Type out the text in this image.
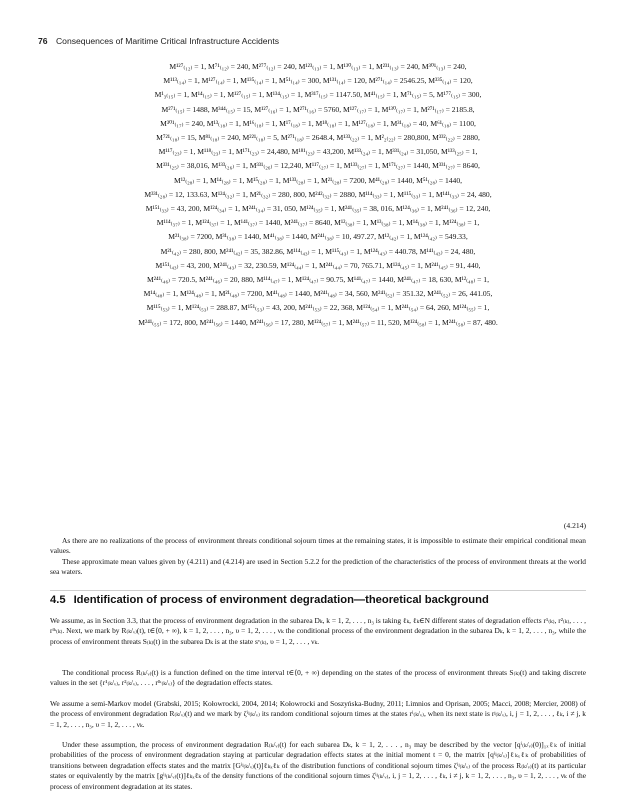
76 Consequences of Maritime Critical Infrastructure Accidents
M¹²⁷₍₁₂₎ = 1, M⁷¹₍₁₂₎ = 240, M²⁷⁷₍₁₂₎ = 240, M¹²³₍₁₃₎ = 1, M¹³⁰₍₁₃₎ = 1, M²³¹₍₁₃₎ = 240, M³⁰¹₍₁₃₎ = 240,
M¹¹³₍₁₄₎ = 1, M¹²⁷₍₁₄₎ = 1, M¹³⁵₍₁₄₎ = 1, M⁵¹₍₁₄₎ = 300, M¹³¹₍₁₄₎ = 120, M²⁷¹₍₁₄₎ = 2546.25, M³³⁵₍₁₄₎ = 120,
M¹₃₍₁₅₎ = 1, M¹⁴₍₁₅₎ = 1, M¹²⁷₍₁₅₎ = 1, M¹³⁴₍₁₅₎ = 1, M³¹⁷₍₁₅₎ = 1147.50, M⁴¹₍₁₅₎ = 1, M⁷¹₍₁₅₎ = 5, M¹⁷⁷₍₁₅₎ = 300,
M²⁷¹₍₁₅₎ = 1488, M³⁴⁴₍₁₅₎ = 15, M¹²⁷₍₁₆₎ = 1, M²⁷¹₍₁₆₎ = 5760, M¹²⁷₍₁₇₎ = 1, M¹³⁰₍₁₇₎ = 1, M²⁷¹₍₁₇₎ = 2185.8,
M³⁰¹₍₁₇₎ = 240, M¹³₍₁₈₎ = 1, M¹⁶₍₁₈₎ = 1, M¹⁷₍₁₈₎ = 1, M¹⁸₍₁₈₎ = 1, M¹²⁷₍₁₈₎ = 1, M³¹₍₁₈₎ = 40, M⁶¹₍₁₈₎ = 1100,
M⁷²¹₍₁₈₎ = 15, M⁸¹₍₁₈₎ = 240, M²²¹₍₁₈₎ = 5, M²⁷¹₍₁₈₎ = 2648.4, M¹³³₍₂₂₎ = 1, M²₂₍₂₂₎ = 280,800, M³³²₍₂₂₎ = 2880,
M¹¹⁷₍₂₃₎ = 1, M¹¹⁸₍₂₃₎ = 1, M¹⁷¹₍₂₃₎ = 24,480, M¹⁸¹₍₂₃₎ = 43,200, M¹³³₍₂₄₎ = 1, M³³¹₍₂₄₎ = 31,050, M¹³³₍₂₅₎ = 1,
M³³¹₍₂₅₎ = 38,016, M¹³³₍₂₆₎ = 1, M³³¹₍₂₆₎ = 12,240, M¹¹⁷₍₂₇₎ = 1, M¹³³₍₂₇₎ = 1, M¹⁷¹₍₂₇₎ = 1440, M³³¹₍₂₇₎ = 8640,
M¹²₍₂₈₎ = 1, M¹⁴₍₂₈₎ = 1, M¹⁵₍₂₈₎ = 1, M¹³³₍₂₈₎ = 1, M²¹₍₂₈₎ = 7200, M⁴¹₍₂₈₎ = 1440, M⁵¹₍₂₈₎ = 1440,
M³³¹₍₂₈₎ = 12, 133.63, M¹²⁴₍₃₂₎ = 1, M²¹₍₃₂₎ = 280, 800, M²⁴²₍₃₂₎ = 2880, M¹¹⁴₍₃₃₎ = 1, M¹¹⁵₍₃₃₎ = 1, M¹⁴¹₍₃₃₎ = 24, 480,
M¹⁵¹₍₃₃₎ = 43, 200, M¹²⁴₍₃₄₎ = 1, M²⁴¹₍₃₄₎ = 31, 050, M¹²⁴₍₃₅₎ = 1, M²⁴¹₍₃₅₎ = 38, 016, M¹²⁴₍₃₆₎ = 1, M²⁴¹₍₃₆₎ = 12, 240,
M¹¹⁴₍₃₇₎ = 1, M¹²⁴₍₃₇₎ = 1, M¹⁴¹₍₃₇₎ = 1440, M²⁴¹₍₃₇₎ = 8640, M¹²₍₃₈₎ = 1, M¹³₍₃₈₎ = 1, M¹⁴₍₃₈₎ = 1, M¹²⁴₍₃₈₎ = 1,
M²¹₍₃₈₎ = 7200, M³¹₍₃₈₎ = 1440, M⁴¹₍₃₈₎ = 1440, M²⁴¹₍₃₈₎ = 10, 497.27, M¹²₍₄₂₎ = 1, M¹²⁴₍₄₂₎ = 549.33,
M²¹₍₄₂₎ = 280, 800, M²⁴¹₍₄₂₎ = 35, 382.86, M¹¹⁴₍₄₃₎ = 1, M¹¹⁵₍₄₃₎ = 1, M¹²⁴₍₄₃₎ = 440.78, M¹⁴¹₍₄₃₎ = 24, 480,
M¹⁵¹₍₄₃₎ = 43, 200, M²⁴¹₍₄₃₎ = 32, 230.59, M¹²⁴₍₄₄₎ = 1, M²⁴¹₍₄₄₎ = 70, 765.71, M¹²⁴₍₄₅₎ = 1, M²⁴¹₍₄₅₎ = 91, 440,
M²⁴¹₍₄₆₎ = 720.5, M²⁴¹₍₄₆₎ = 20, 880, M¹¹⁴₍₄₇₎ = 1, M¹²⁴₍₄₇₎ = 90.75, M¹⁴¹₍₄₇₎ = 1440, M²⁴¹₍₄₇₎ = 18, 630, M¹²₍₄₈₎ = 1,
M¹⁴₍₄₈₎ = 1, M¹²⁴₍₄₈₎ = 1, M²¹₍₄₈₎ = 7200, M⁴¹₍₄₈₎ = 1440, M²⁴¹₍₄₈₎ = 34, 560, M²⁴¹₍₅₂₎ = 351.32, M²⁴¹₍₅₂₎ = 26, 441.05,
M¹¹⁵₍₅₃₎ = 1, M¹²⁴₍₅₃₎ = 288.87, M¹⁵¹₍₅₃₎ = 43, 200, M²⁴¹₍₅₃₎ = 22, 368, M¹²⁴₍₅₄₎ = 1, M²⁴¹₍₅₄₎ = 64, 260, M¹²⁴₍₅₅₎ = 1,
M²⁴¹₍₅₅₎ = 172, 800, M²⁴¹₍₅₆₎ = 1440, M²⁴¹₍₅₆₎ = 17, 280, M¹²⁴₍₅₇₎ = 1, M²⁴¹₍₅₇₎ = 11, 520, M¹²⁴₍₅₈₎ = 1, M²⁴¹₍₅₈₎ = 87, 480.
(4.214)

As there are no realizations of the process of environment threats conditional sojourn times at the remaining states, it is impossible to estimate their empirical conditional mean values.

These approximate mean values given by (4.211) and (4.214) are used in Section 5.2.2 for the prediction of the characteristics of the process of environment threats at the world sea waters.

4.5 Identification of process of environment degradation—theoretical background

We assume, as in Section 3.3, that the process of environment degradation in the subarea Dₖ, k = 1, 2, . . . , n₃ is taking ℓₖ, ℓₖ∈N different states of degradation effects r¹₍ₖ₎, r²₍ₖ₎, . . . , rˡᵏ₍ₖ₎. Next, we mark by R₍ₖ/ᵥ₎(t), t∈⟨0, + ∞), k = 1, 2, . . . , n₃, υ = 1, 2, . . . , νₖ the conditional process of the environment degradation in the subarea Dₖ, k = 1, 2, . . . , n₃, while the process of environment threats S₍ₖ₎(t) in the subarea Dₖ is at the state sᵛ₍ₖ₎, υ = 1, 2, . . . , νₖ.

The conditional process R₍ₖ/ᵥ₎(t) is a function defined on the time interval t∈⟨0, + ∞) depending on the states of the process of environment threats S₍ₖ₎(t) and taking discrete values in the set {r¹₍ₖ/ᵥ₎, r²₍ₖ/ᵥ₎, . . . , rˡᵏ₍ₖ/ᵥ₎} of the degradation effects states.

We assume a semi-Markov model (Grabski, 2015; Kołowrocki, 2004, 2014; Kołowrocki and Soszyńska-Budny, 2011; Limnios and Oprisan, 2005; Macci, 2008; Mercier, 2008) of the process of environment degradation R₍ₖ/ᵥ₎(t) and we mark by ζⁱʲ₍ₖ/ᵥ₎ its random conditional sojourn times at the states rⁱ₍ₖ/ᵥ₎, when its next state is rʲ₍ₖ/ᵥ₎, i, j = 1, 2, . . . , ℓₖ, i ≠ j, k = 1, 2, . . . , n₃, υ = 1, 2, . . . , νₖ.

Under these assumption, the process of environment degradation R₍ₖ/ᵥ₎(t) for each subarea Dₖ, k = 1, 2, . . . , n₃ may be described by the vector [qⁱ₍ₖ/ᵥ₎(0)]₁ₓℓₖ of initial probabilities of the process of environment degradation staying at particular degradation effects states at the initial moment t = 0, the matrix [qⁱʲ₍ₖ/ᵥ₎]ℓₖₓℓₖ of probabilities of transitions between degradation effects states and the matrix [Gⁱʲ₍ₖ/ᵥ₎(t)]ℓₖₓℓₖ of the distribution functions of conditional sojourn times ζⁱʲ₍ₖ/ᵥ₎ of the process R₍ₖ/ᵥ₎(t) at its particular states or equivalently by the matrix [gⁱʲ₍ₖ/ᵥ₎(t)]ℓₖₓℓₖ of the density functions of the conditional sojourn times ζⁱʲ₍ₖ/ᵥ₎, i, j = 1, 2, . . . , ℓₖ, i ≠ j, k = 1, 2, . . . , n₃, υ = 1, 2, . . . , νₖ of the process of environment degradation at its states.
